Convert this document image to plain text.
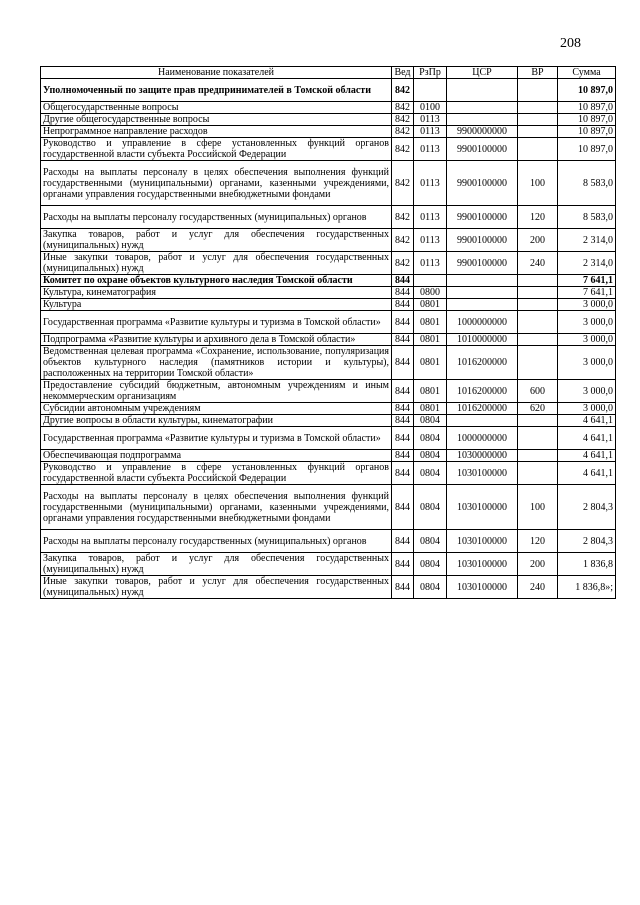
208
Наименование показателей	Вед	РзПр	ЦСР	ВР	Сумма
Уполномоченный по защите прав предпринимателей в Томской области	842				10 897,0
Общегосударственные вопросы	842	0100			10 897,0
Другие общегосударственные вопросы	842	0113			10 897,0
Непрограммное направление расходов	842	0113	9900000000		10 897,0
Руководство и управление в сфере установленных функций органов государственной власти субъекта Российской Федерации	842	0113	9900100000		10 897,0
Расходы на выплаты персоналу в целях обеспечения выполнения функций государственными (муниципальными) органами, казенными учреждениями, органами управления государственными внебюджетными фондами	842	0113	9900100000	100	8 583,0
Расходы на выплаты персоналу государственных (муниципальных) органов	842	0113	9900100000	120	8 583,0
Закупка товаров, работ и услуг для обеспечения государственных (муниципальных) нужд	842	0113	9900100000	200	2 314,0
Иные закупки товаров, работ и услуг для обеспечения государственных (муниципальных) нужд	842	0113	9900100000	240	2 314,0
Комитет по охране объектов культурного наследия Томской области	844				7 641,1
Культура, кинематография	844	0800			7 641,1
Культура	844	0801			3 000,0
Государственная программа «Развитие культуры и туризма в Томской области»	844	0801	1000000000		3 000,0
Подпрограмма «Развитие культуры и архивного дела в Томской области»	844	0801	1010000000		3 000,0
Ведомственная целевая программа «Сохранение, использование, популяризация объектов культурного наследия (памятников истории и культуры), расположенных на территории Томской области»	844	0801	1016200000		3 000,0
Предоставление субсидий бюджетным, автономным учреждениям и иным некоммерческим организациям	844	0801	1016200000	600	3 000,0
Субсидии автономным учреждениям	844	0801	1016200000	620	3 000,0
Другие вопросы в области культуры, кинематографии	844	0804			4 641,1
Государственная программа «Развитие культуры и туризма в Томской области»	844	0804	1000000000		4 641,1
Обеспечивающая подпрограмма	844	0804	1030000000		4 641,1
Руководство и управление в сфере установленных функций органов государственной власти субъекта Российской Федерации	844	0804	1030100000		4 641,1
Расходы на выплаты персоналу в целях обеспечения выполнения функций государственными (муниципальными) органами, казенными учреждениями, органами управления государственными внебюджетными фондами	844	0804	1030100000	100	2 804,3
Расходы на выплаты персоналу государственных (муниципальных) органов	844	0804	1030100000	120	2 804,3
Закупка товаров, работ и услуг для обеспечения государственных (муниципальных) нужд	844	0804	1030100000	200	1 836,8
Иные закупки товаров, работ и услуг для обеспечения государственных (муниципальных) нужд	844	0804	1030100000	240	1 836,8»;
